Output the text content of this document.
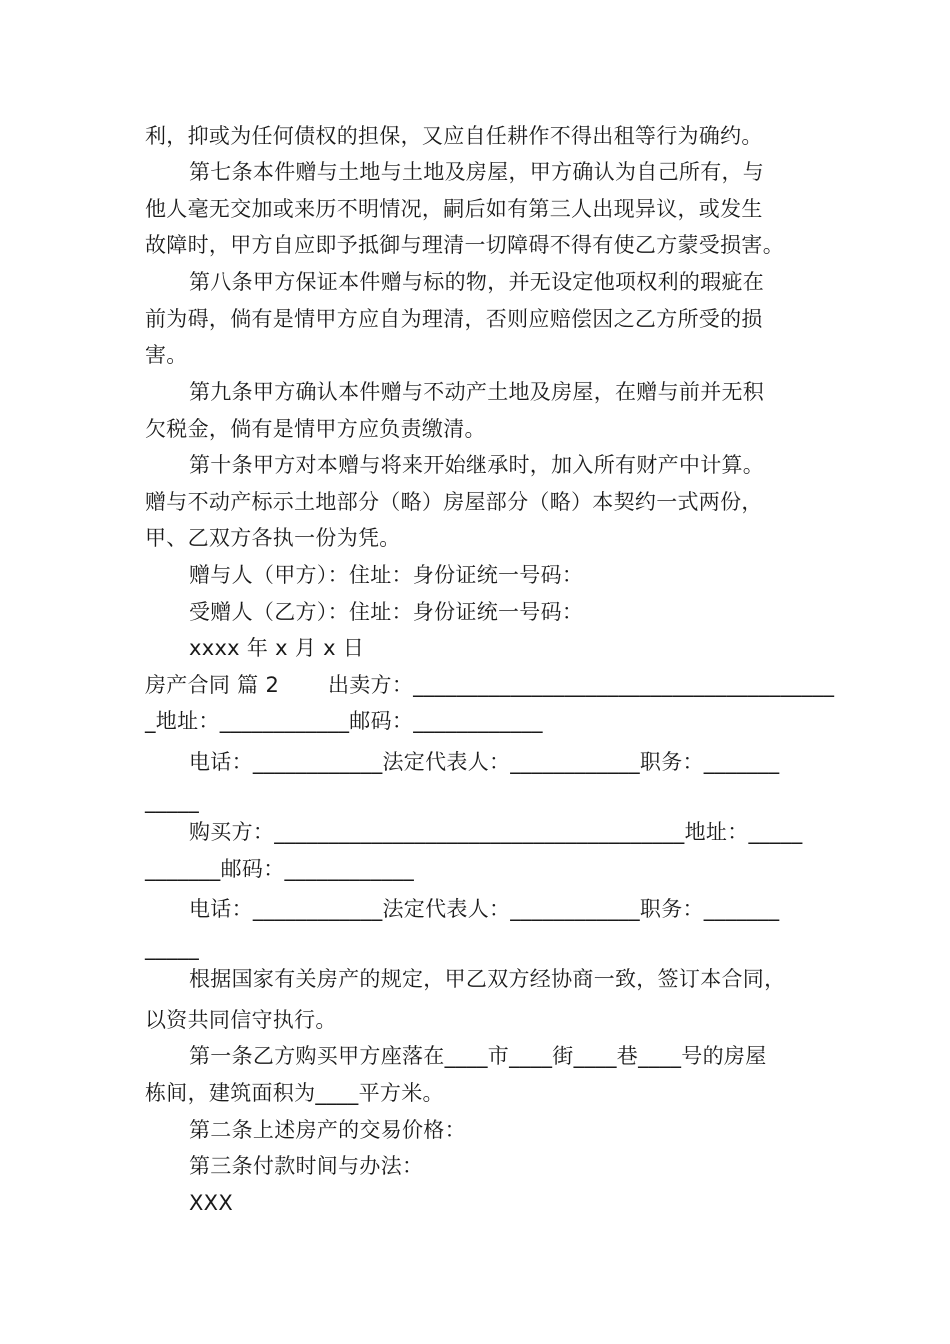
利，抑或为任何债权的担保，又应自任耕作不得出租等行为确约。
第七条本件赠与土地与土地及房屋，甲方确认为自己所有，与
他人毫无交加或来历不明情况，嗣后如有第三人出现异议，或发生
故障时，甲方自应即予抵御与理清一切障碍不得有使乙方蒙受损害。
第八条甲方保证本件赠与标的物，并无设定他项权利的瑕疵在
前为碍，倘有是情甲方应自为理清，否则应赔偿因之乙方所受的损
害。
第九条甲方确认本件赠与不动产土地及房屋，在赠与前并无积
欠税金，倘有是情甲方应负责缴清。
第十条甲方对本赠与将来开始继承时，加入所有财产中计算。
赠与不动产标示土地部分（略）房屋部分（略）本契约一式两份，
甲、乙双方各执一份为凭。
赠与人（甲方）：住址：身份证统一号码：
受赠人（乙方）：住址：身份证统一号码：
xxxx 年 x 月 x 日
房产合同 篇 2       出卖方：_______________________________________
_地址：____________邮码：____________
电话：____________法定代表人：____________职务：_______
_____
购买方：______________________________________地址：_____
_______邮码：____________
电话：____________法定代表人：____________职务：_______
_____
根据国家有关房产的规定，甲乙双方经协商一致，签订本合同，
以资共同信守执行。
第一条乙方购买甲方座落在____市____街____巷____号的房屋
栋间，建筑面积为____平方米。
第二条上述房产的交易价格：
第三条付款时间与办法：
XXX
